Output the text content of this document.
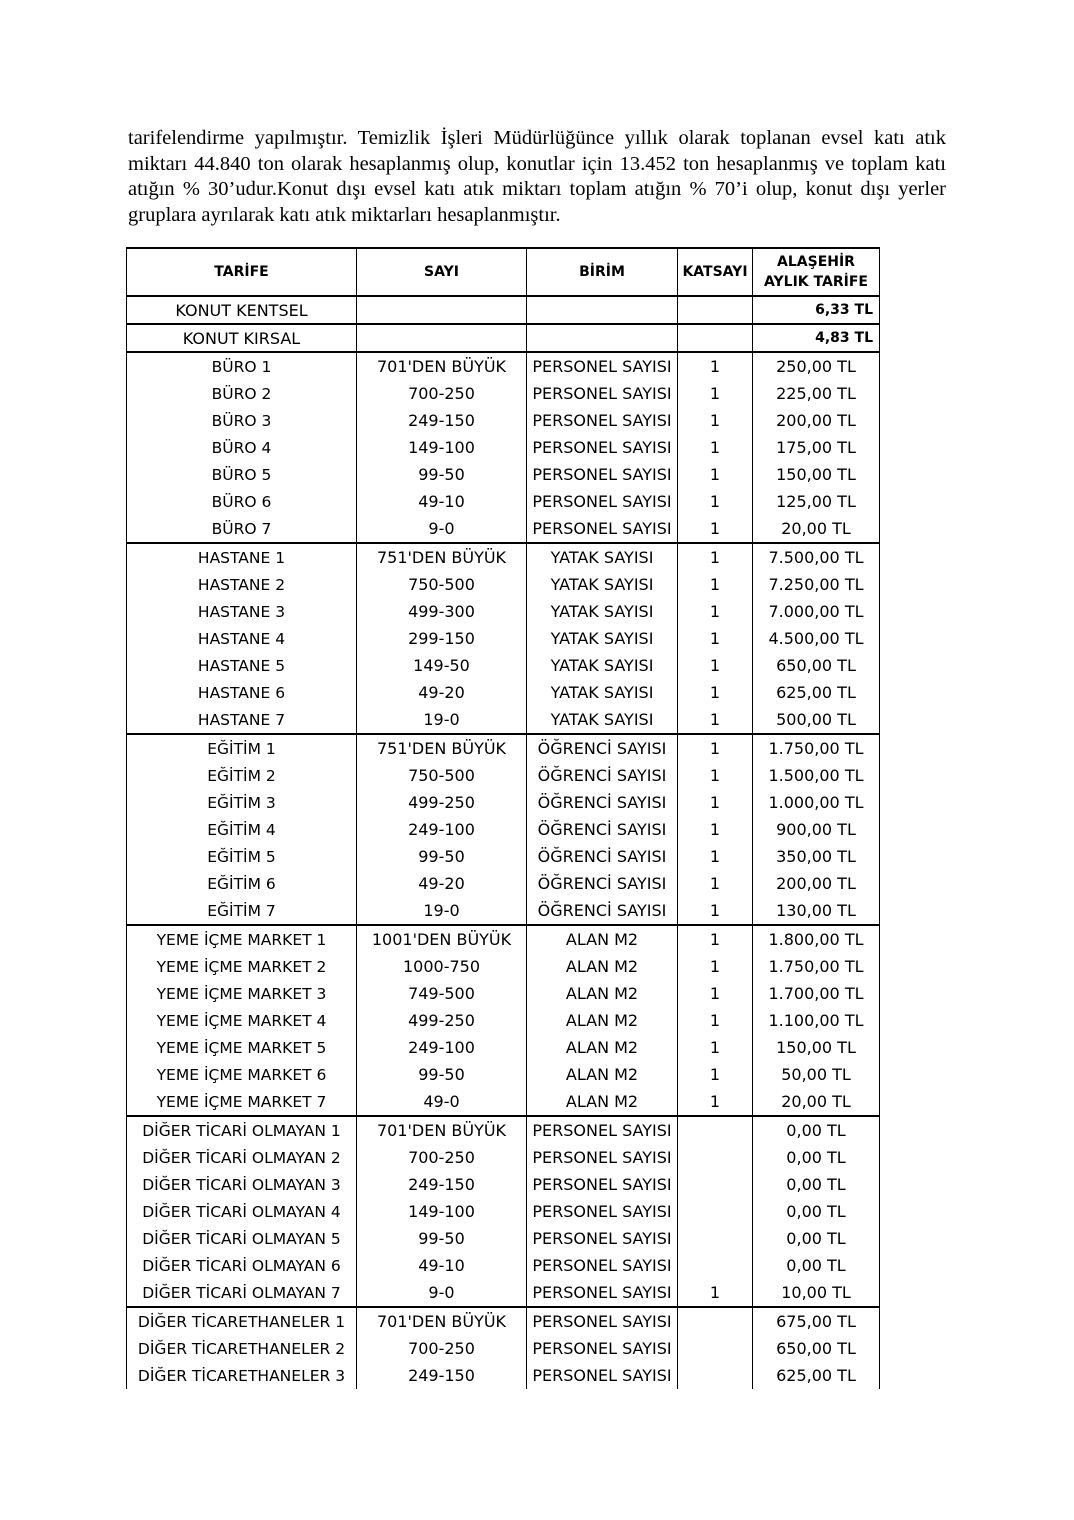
tarifelendirme yapılmıştır. Temizlik İşleri Müdürlüğünce yıllık olarak toplanan evsel katı atık miktarı 44.840 ton olarak hesaplanmış olup, konutlar için 13.452 ton hesaplanmış ve toplam katı atığın % 30’udur.Konut dışı evsel katı atık miktarı toplam atığın % 70’i olup, konut dışı yerler gruplara ayrılarak katı atık miktarları hesaplanmıştır.
TARİFE	SAYI	BİRİM	KATSAYI	ALAŞEHİR
AYLIK TARİFE

KONUT KENTSEL				6,33 TL
KONUT KIRSAL				4,83 TL
BÜRO 1	701'DEN BÜYÜK	PERSONEL SAYISI	1	250,00 TL
BÜRO 2	700-250	PERSONEL SAYISI	1	225,00 TL
BÜRO 3	249-150	PERSONEL SAYISI	1	200,00 TL
BÜRO 4	149-100	PERSONEL SAYISI	1	175,00 TL
BÜRO 5	99-50	PERSONEL SAYISI	1	150,00 TL
BÜRO 6	49-10	PERSONEL SAYISI	1	125,00 TL
BÜRO 7	9-0	PERSONEL SAYISI	1	20,00 TL
HASTANE 1	751'DEN BÜYÜK	YATAK SAYISI	1	7.500,00 TL
HASTANE 2	750-500	YATAK SAYISI	1	7.250,00 TL
HASTANE 3	499-300	YATAK SAYISI	1	7.000,00 TL
HASTANE 4	299-150	YATAK SAYISI	1	4.500,00 TL
HASTANE 5	149-50	YATAK SAYISI	1	650,00 TL
HASTANE 6	49-20	YATAK SAYISI	1	625,00 TL
HASTANE 7	19-0	YATAK SAYISI	1	500,00 TL
EĞİTİM 1	751'DEN BÜYÜK	ÖĞRENCİ SAYISI	1	1.750,00 TL
EĞİTİM 2	750-500	ÖĞRENCİ SAYISI	1	1.500,00 TL
EĞİTİM 3	499-250	ÖĞRENCİ SAYISI	1	1.000,00 TL
EĞİTİM 4	249-100	ÖĞRENCİ SAYISI	1	900,00 TL
EĞİTİM 5	99-50	ÖĞRENCİ SAYISI	1	350,00 TL
EĞİTİM 6	49-20	ÖĞRENCİ SAYISI	1	200,00 TL
EĞİTİM 7	19-0	ÖĞRENCİ SAYISI	1	130,00 TL
YEME İÇME MARKET 1	1001'DEN BÜYÜK	ALAN M2	1	1.800,00 TL
YEME İÇME MARKET 2	1000-750	ALAN M2	1	1.750,00 TL
YEME İÇME MARKET 3	749-500	ALAN M2	1	1.700,00 TL
YEME İÇME MARKET 4	499-250	ALAN M2	1	1.100,00 TL
YEME İÇME MARKET 5	249-100	ALAN M2	1	150,00 TL
YEME İÇME MARKET 6	99-50	ALAN M2	1	50,00 TL
YEME İÇME MARKET 7	49-0	ALAN M2	1	20,00 TL
DİĞER TİCARİ OLMAYAN 1	701'DEN BÜYÜK	PERSONEL SAYISI		0,00 TL
DİĞER TİCARİ OLMAYAN 2	700-250	PERSONEL SAYISI		0,00 TL
DİĞER TİCARİ OLMAYAN 3	249-150	PERSONEL SAYISI		0,00 TL
DİĞER TİCARİ OLMAYAN 4	149-100	PERSONEL SAYISI		0,00 TL
DİĞER TİCARİ OLMAYAN 5	99-50	PERSONEL SAYISI		0,00 TL
DİĞER TİCARİ OLMAYAN 6	49-10	PERSONEL SAYISI		0,00 TL
DİĞER TİCARİ OLMAYAN 7	9-0	PERSONEL SAYISI	1	10,00 TL
DİĞER TİCARETHANELER 1	701'DEN BÜYÜK	PERSONEL SAYISI		675,00 TL
DİĞER TİCARETHANELER 2	700-250	PERSONEL SAYISI		650,00 TL
DİĞER TİCARETHANELER 3	249-150	PERSONEL SAYISI		625,00 TL
